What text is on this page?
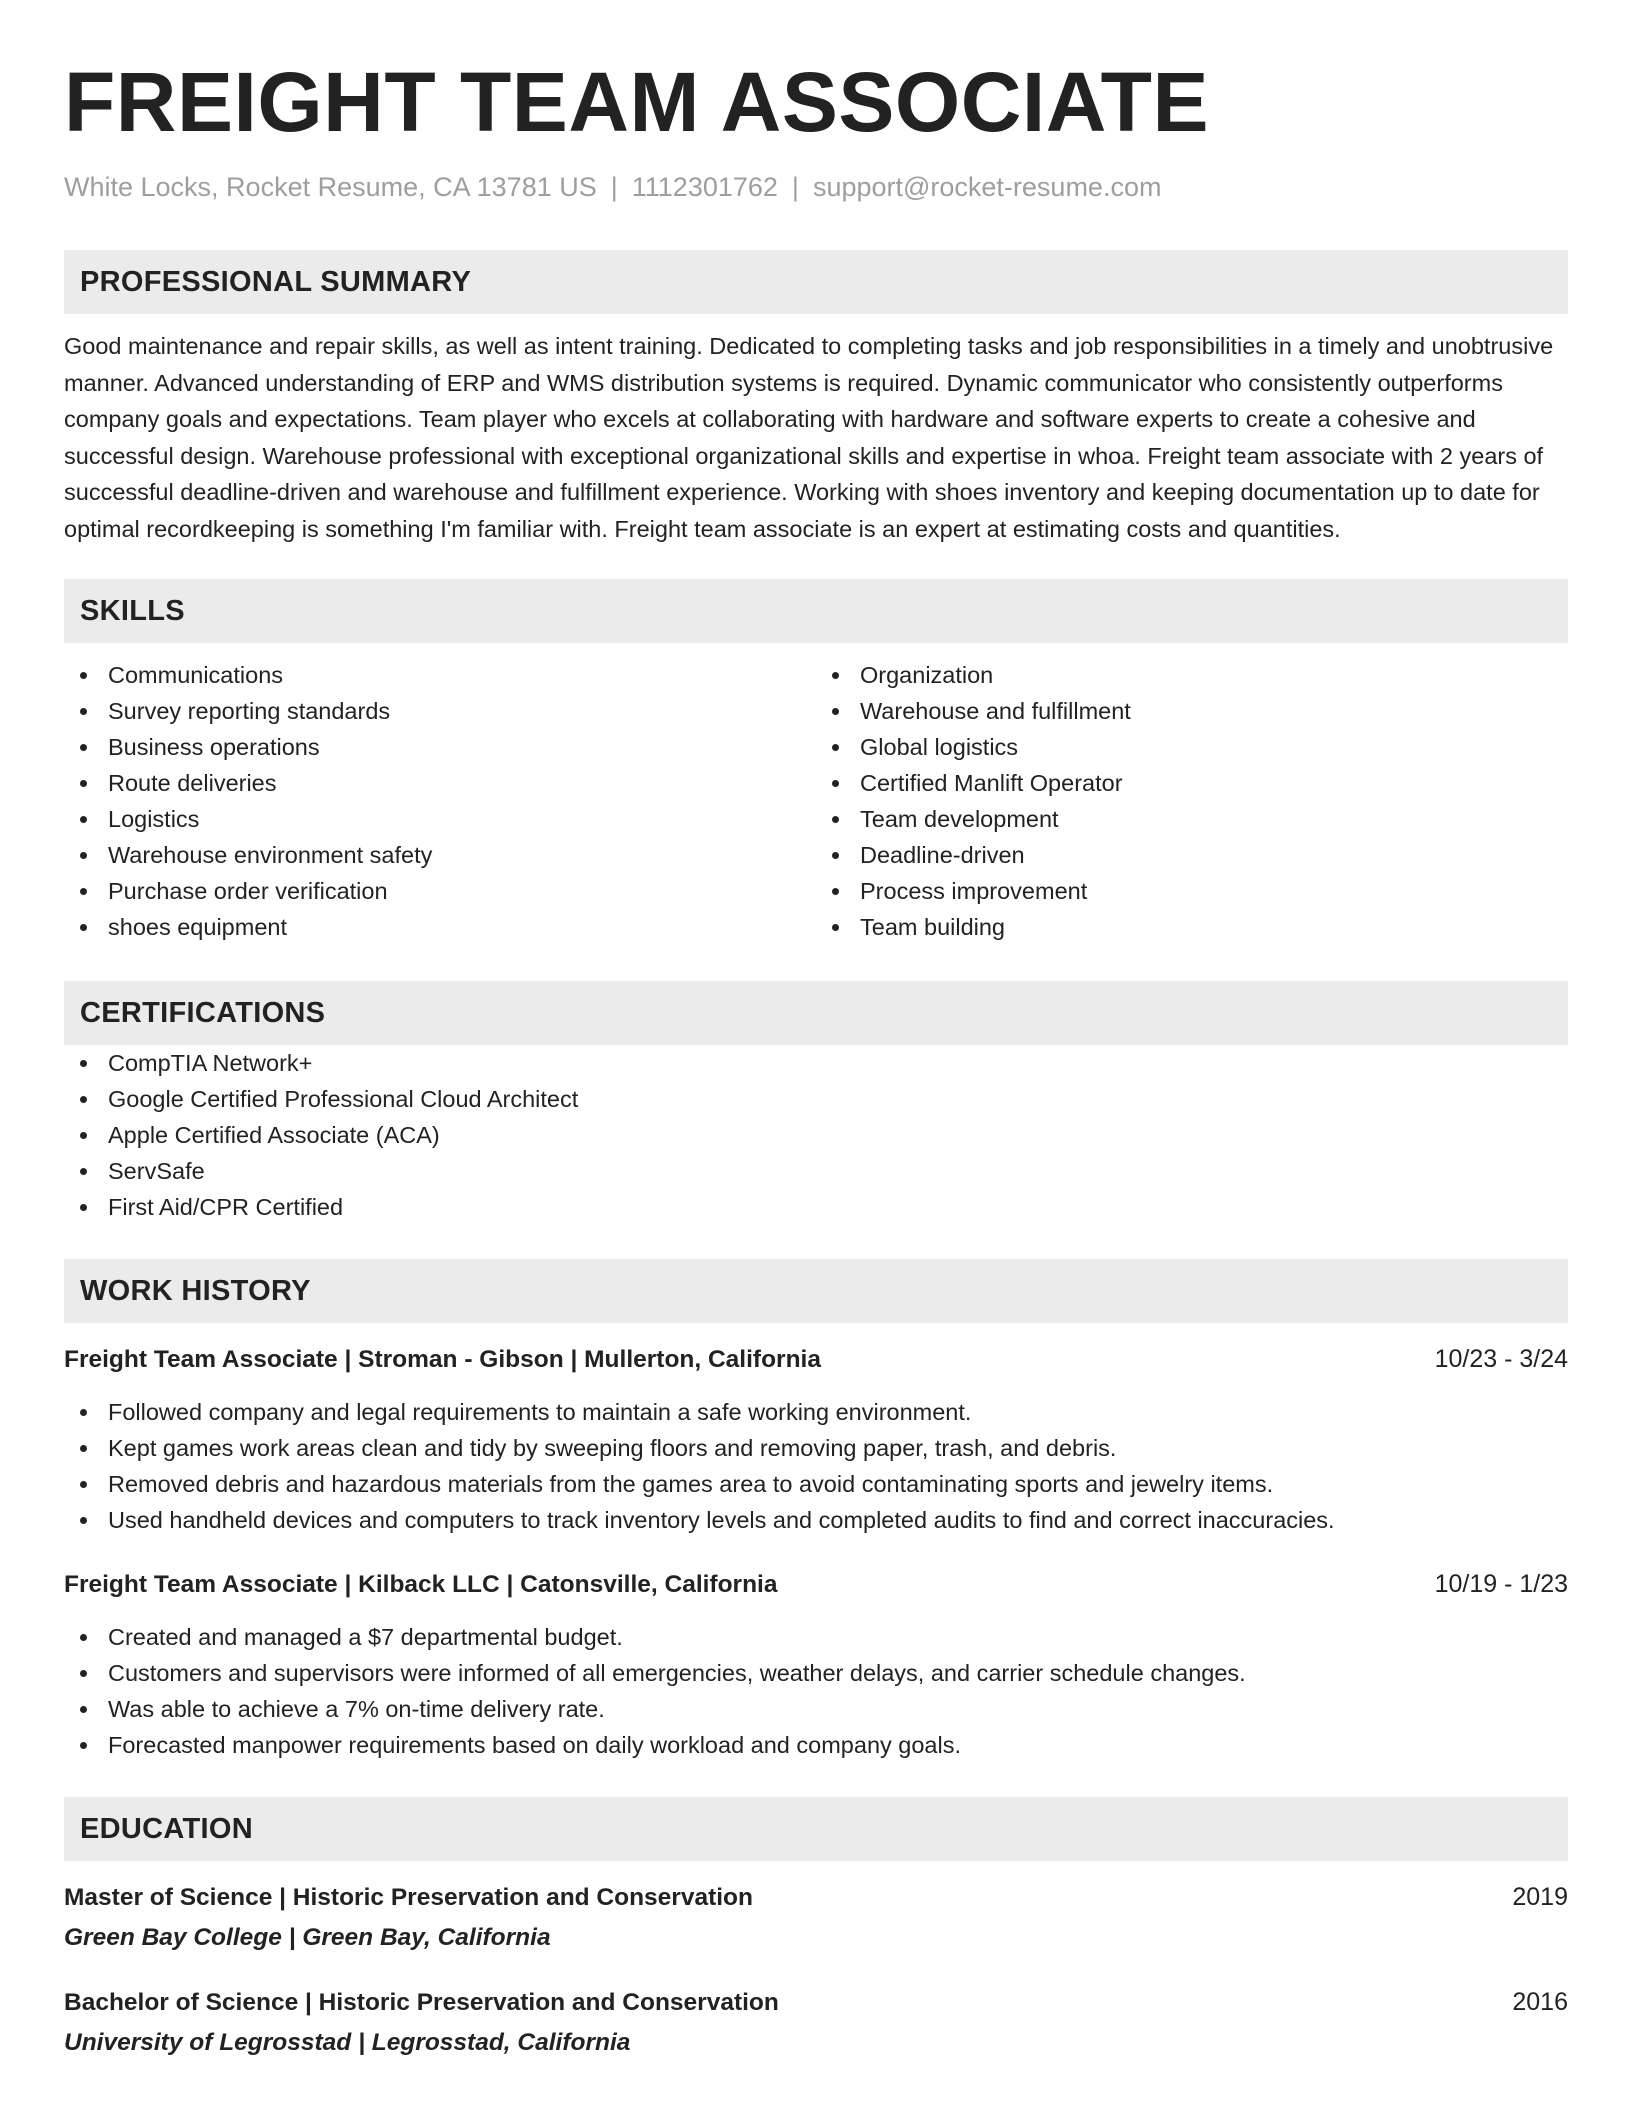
FREIGHT TEAM ASSOCIATE
White Locks, Rocket Resume, CA 13781 US | 1112301762 | support@rocket-resume.com
PROFESSIONAL SUMMARY
Good maintenance and repair skills, as well as intent training. Dedicated to completing tasks and job responsibilities in a timely and unobtrusive manner. Advanced understanding of ERP and WMS distribution systems is required. Dynamic communicator who consistently outperforms company goals and expectations. Team player who excels at collaborating with hardware and software experts to create a cohesive and successful design. Warehouse professional with exceptional organizational skills and expertise in whoa. Freight team associate with 2 years of successful deadline-driven and warehouse and fulfillment experience. Working with shoes inventory and keeping documentation up to date for optimal recordkeeping is something I'm familiar with. Freight team associate is an expert at estimating costs and quantities.
SKILLS
Communications
Survey reporting standards
Business operations
Route deliveries
Logistics
Warehouse environment safety
Purchase order verification
shoes equipment
Organization
Warehouse and fulfillment
Global logistics
Certified Manlift Operator
Team development
Deadline-driven
Process improvement
Team building
CERTIFICATIONS
CompTIA Network+
Google Certified Professional Cloud Architect
Apple Certified Associate (ACA)
ServSafe
First Aid/CPR Certified
WORK HISTORY
Freight Team Associate | Stroman - Gibson | Mullerton, California	10/23 - 3/24
Followed company and legal requirements to maintain a safe working environment.
Kept games work areas clean and tidy by sweeping floors and removing paper, trash, and debris.
Removed debris and hazardous materials from the games area to avoid contaminating sports and jewelry items.
Used handheld devices and computers to track inventory levels and completed audits to find and correct inaccuracies.
Freight Team Associate | Kilback LLC | Catonsville, California	10/19 - 1/23
Created and managed a $7 departmental budget.
Customers and supervisors were informed of all emergencies, weather delays, and carrier schedule changes.
Was able to achieve a 7% on-time delivery rate.
Forecasted manpower requirements based on daily workload and company goals.
EDUCATION
Master of Science | Historic Preservation and Conservation	2019
Green Bay College | Green Bay, California
Bachelor of Science | Historic Preservation and Conservation	2016
University of Legrosstad | Legrosstad, California
